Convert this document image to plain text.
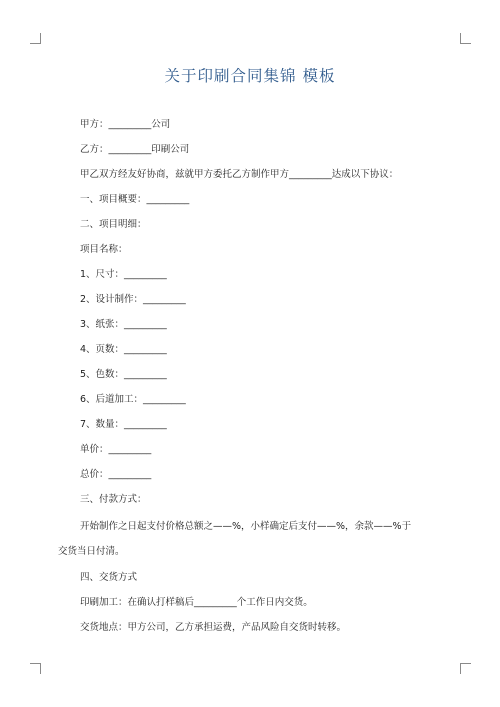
关于印刷合同集锦 模板
甲方：_________公司
乙方：_________印刷公司
甲乙双方经友好协商，兹就甲方委托乙方制作甲方_________达成以下协议：
一、项目概要：_________
二、项目明细：
项目名称：
1、尺寸：_________
2、设计制作：_________
3、纸张：_________
4、页数：_________
5、色数：_________
6、后道加工：_________
7、数量：_________
单价：_________
总价：_________
三、付款方式：
开始制作之日起支付价格总额之——%，小样确定后支付——%，余款——%于
交货当日付清。
四、交货方式
印刷加工：在确认打样稿后_________个工作日内交货。
交货地点：甲方公司，乙方承担运费，产品风险自交货时转移。
